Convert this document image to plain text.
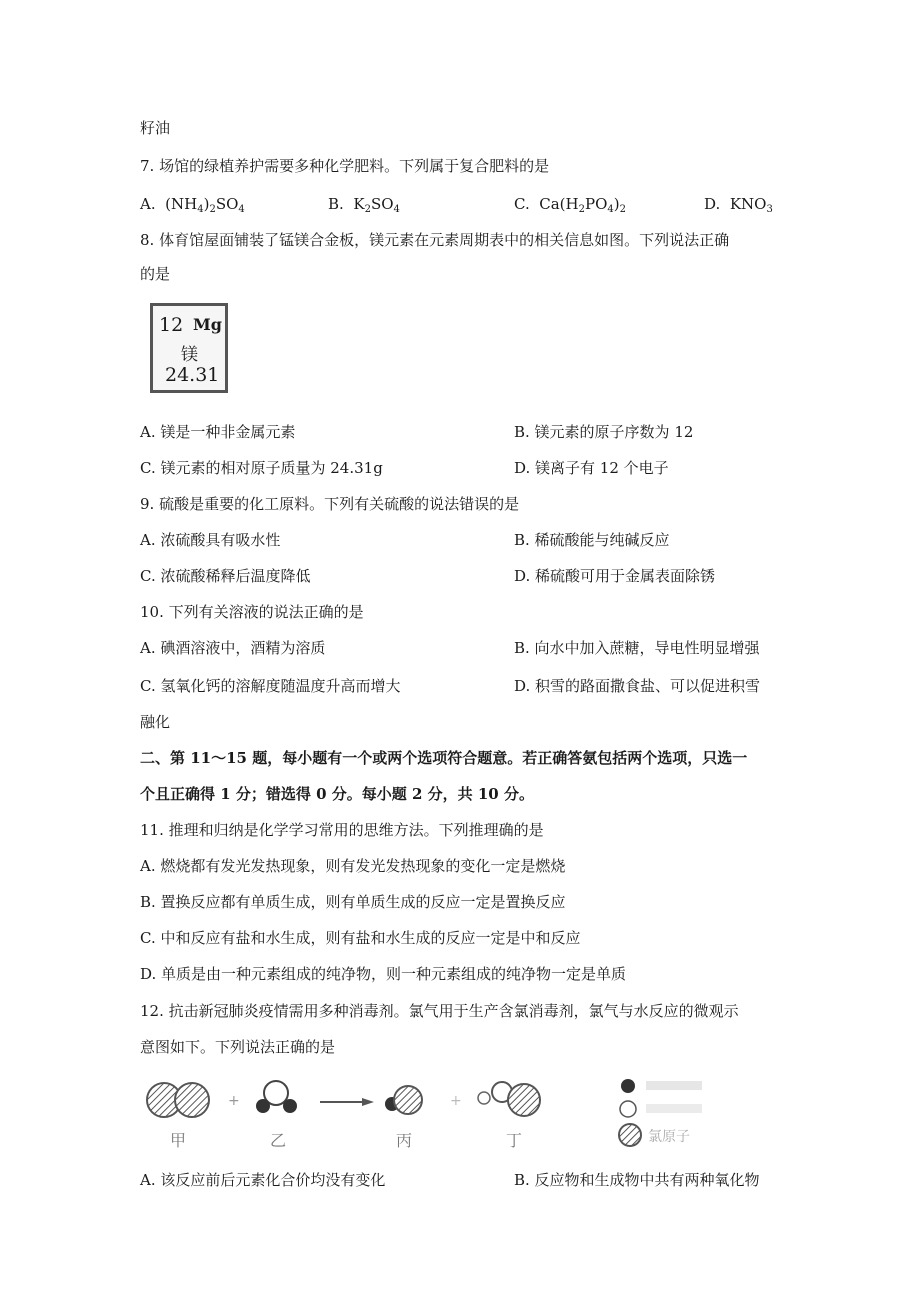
籽油
7. 场馆的绿植养护需要多种化学肥料。下列属于复合肥料的是
A. $(NH_4)_2SO_4$	B. $K_2SO_4$	C. $Ca(H_2PO_4)_2$	D. $KNO_3$
8. 体育馆屋面铺装了锰镁合金板，镁元素在元素周期表中的相关信息如图。下列说法正确
的是
12 Mg
镁
24.31
A. 镁是一种非金属元素	B. 镁元素的原子序数为 12
C. 镁元素的相对原子质量为 24.31g	D. 镁离子有 12 个电子
9. 硫酸是重要的化工原料。下列有关硫酸的说法错误的是
A. 浓硫酸具有吸水性	B. 稀硫酸能与纯碱反应
C. 浓硫酸稀释后温度降低	D. 稀硫酸可用于金属表面除锈
10. 下列有关溶液的说法正确的是
A. 碘酒溶液中，酒精为溶质	B. 向水中加入蔗糖，导电性明显增强
C. 氢氧化钙的溶解度随温度升高而增大	D. 积雪的路面撒食盐、可以促进积雪
融化
二、第 11～15 题，每小题有一个或两个选项符合题意。若正确答氨包括两个选项，只选一
个且正确得 1 分；错选得 0 分。每小题 2 分，共 10 分。
11. 推理和归纳是化学学习常用的思维方法。下列推理确的是
A. 燃烧都有发光发热现象，则有发光发热现象的变化一定是燃烧
B. 置换反应都有单质生成，则有单质生成的反应一定是置换反应
C. 中和反应有盐和水生成，则有盐和水生成的反应一定是中和反应
D. 单质是由一种元素组成的纯净物，则一种元素组成的纯净物一定是单质
12. 抗击新冠肺炎疫情需用多种消毒剂。氯气用于生产含氯消毒剂，氯气与水反应的微观示
意图如下。下列说法正确的是
+	+
氯原子
甲	乙	丙	丁
A. 该反应前后元素化合价均没有变化	B. 反应物和生成物中共有两种氧化物
